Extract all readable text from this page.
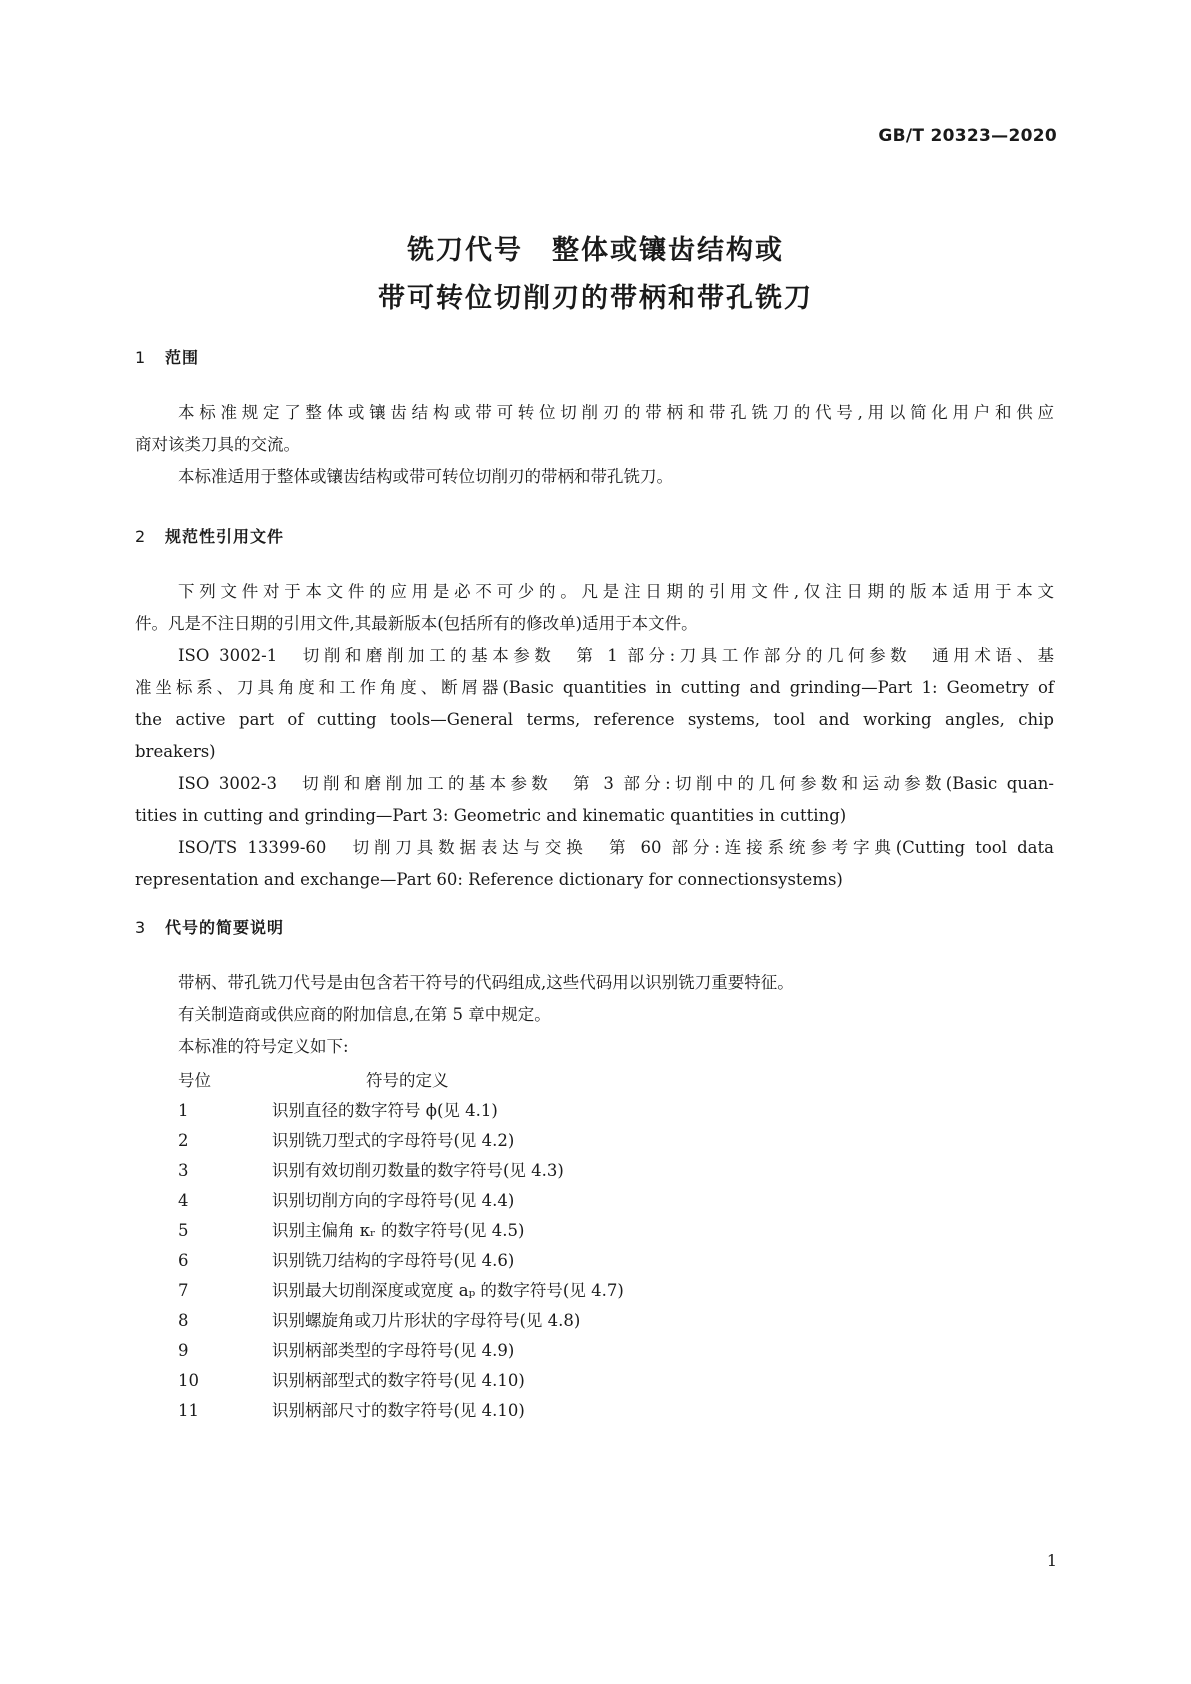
GB/T 20323—2020
铣刀代号　整体或镶齿结构或
带可转位切削刃的带柄和带孔铣刀
1 范围
本标准规定了整体或镶齿结构或带可转位切削刃的带柄和带孔铣刀的代号,用以简化用户和供应
商对该类刀具的交流。
本标准适用于整体或镶齿结构或带可转位切削刃的带柄和带孔铣刀。
2 规范性引用文件
下列文件对于本文件的应用是必不可少的。凡是注日期的引用文件,仅注日期的版本适用于本文
件。凡是不注日期的引用文件,其最新版本(包括所有的修改单)适用于本文件。
ISO 3002-1　切削和磨削加工的基本参数　第 1 部分:刀具工作部分的几何参数　通用术语、基
准坐标系、刀具角度和工作角度、断屑器(Basic quantities in cutting and grinding—Part 1: Geometry of
the active part of cutting tools—General terms, reference systems, tool and working angles, chip
breakers)
ISO 3002-3　切削和磨削加工的基本参数　第 3 部分:切削中的几何参数和运动参数(Basic quan-
tities in cutting and grinding—Part 3: Geometric and kinematic quantities in cutting)
ISO/TS 13399-60　切削刀具数据表达与交换　第 60 部分:连接系统参考字典(Cutting tool data
representation and exchange—Part 60: Reference dictionary for connectionsystems)
3 代号的简要说明
带柄、带孔铣刀代号是由包含若干符号的代码组成,这些代码用以识别铣刀重要特征。
有关制造商或供应商的附加信息,在第 5 章中规定。
本标准的符号定义如下:
号位	符号的定义
1	识别直径的数字符号 ϕ(见 4.1)
2	识别铣刀型式的字母符号(见 4.2)
3	识别有效切削刃数量的数字符号(见 4.3)
4	识别切削方向的字母符号(见 4.4)
5	识别主偏角 κᵣ 的数字符号(见 4.5)
6	识别铣刀结构的字母符号(见 4.6)
7	识别最大切削深度或宽度 aₚ 的数字符号(见 4.7)
8	识别螺旋角或刀片形状的字母符号(见 4.8)
9	识别柄部类型的字母符号(见 4.9)
10	识别柄部型式的数字符号(见 4.10)
11	识别柄部尺寸的数字符号(见 4.10)
1
